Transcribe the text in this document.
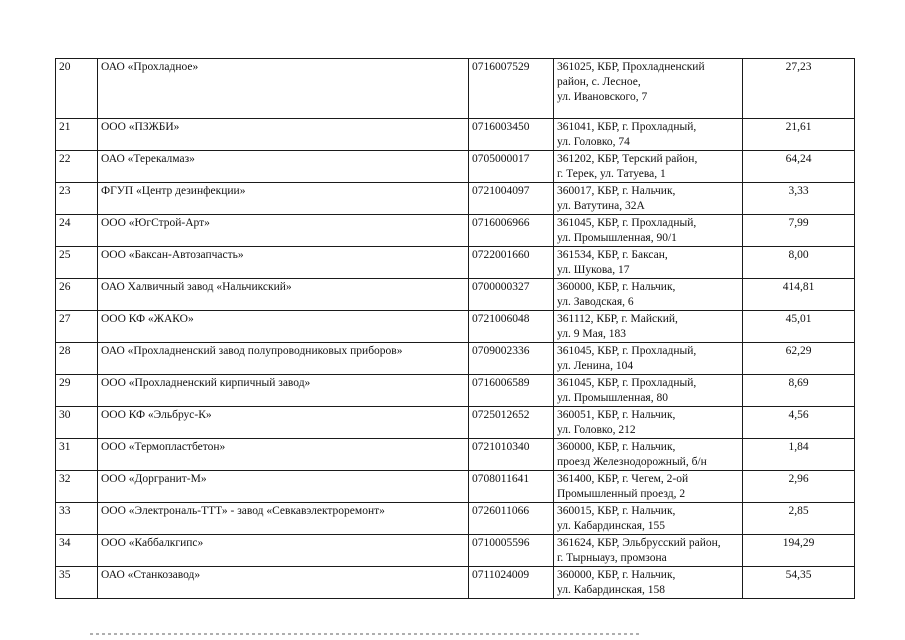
20	ОАО «Прохладное»	0716007529	361025, КБР, Прохладненский
район, с. Лесное,
ул. Ивановского, 7	27,23
21	ООО «ПЗЖБИ»	0716003450	361041, КБР, г. Прохладный,
ул. Головко, 74	21,61
22	ОАО «Терекалмаз»	0705000017	361202, КБР, Терский район,
г. Терек, ул. Татуева, 1	64,24
23	ФГУП «Центр дезинфекции»	0721004097	360017, КБР, г. Нальчик,
ул. Ватутина, 32А	3,33
24	ООО «ЮгСтрой-Арт»	0716006966	361045, КБР, г. Прохладный,
ул. Промышленная, 90/1	7,99
25	ООО «Баксан-Автозапчасть»	0722001660	361534, КБР, г. Баксан,
ул. Шукова, 17	8,00
26	ОАО Халвичный завод «Нальчикский»	0700000327	360000, КБР, г. Нальчик,
ул. Заводская, 6	414,81
27	ООО КФ «ЖАКО»	0721006048	361112, КБР, г. Майский,
ул. 9 Мая, 183	45,01
28	ОАО «Прохладненский завод полупроводниковых приборов»	0709002336	361045, КБР, г. Прохладный,
ул. Ленина, 104	62,29
29	ООО «Прохладненский кирпичный завод»	0716006589	361045, КБР, г. Прохладный,
ул. Промышленная, 80	8,69
30	ООО КФ «Эльбрус-К»	0725012652	360051, КБР, г. Нальчик,
ул. Головко, 212	4,56
31	ООО «Термопластбетон»	0721010340	360000, КБР, г. Нальчик,
проезд Железнодорожный, б/н	1,84
32	ООО «Доргранит-М»	0708011641	361400, КБР, г. Чегем, 2-ой
Промышленный проезд, 2	2,96
33	ООО «Электрональ-ТТТ» - завод «Севкавэлектроремонт»	0726011066	360015, КБР, г. Нальчик,
ул. Кабардинская, 155	2,85
34	ООО «Каббалкгипс»	0710005596	361624, КБР, Эльбрусский район,
г. Тырныауз, промзона	194,29
35	ОАО «Станкозавод»	0711024009	360000, КБР, г. Нальчик,
ул. Кабардинская, 158	54,35
